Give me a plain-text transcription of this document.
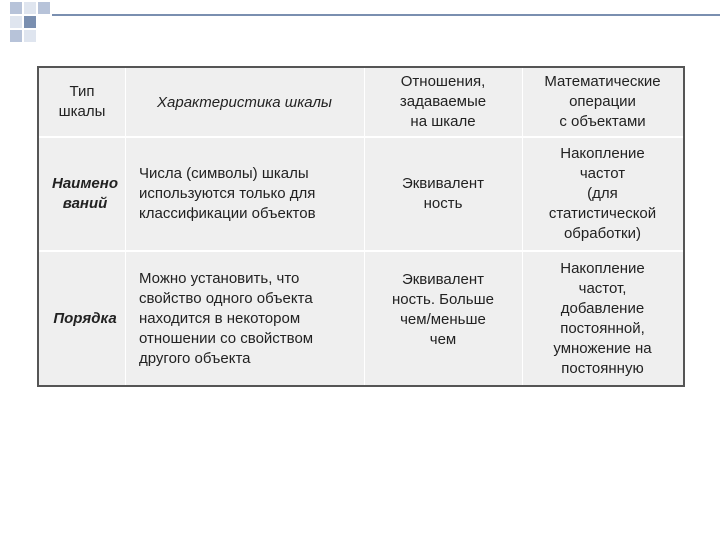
Тип
шкалы
Характеристика шкалы
Отношения,
задаваемые
на шкале
Математические
операции
с объектами
Наимено
ваний
Числа (символы) шкалы
используются только для
классификации объектов
Эквивалент
ность
Накопление
частот
(для
статистической
обработки)
Порядка
Можно установить, что
свойство одного объекта
находится в некотором
отношении со свойством
другого объекта
Эквивалент
ность. Больше
чем/меньше
чем
Накопление
частот,
добавление
постоянной,
умножение на
постоянную
